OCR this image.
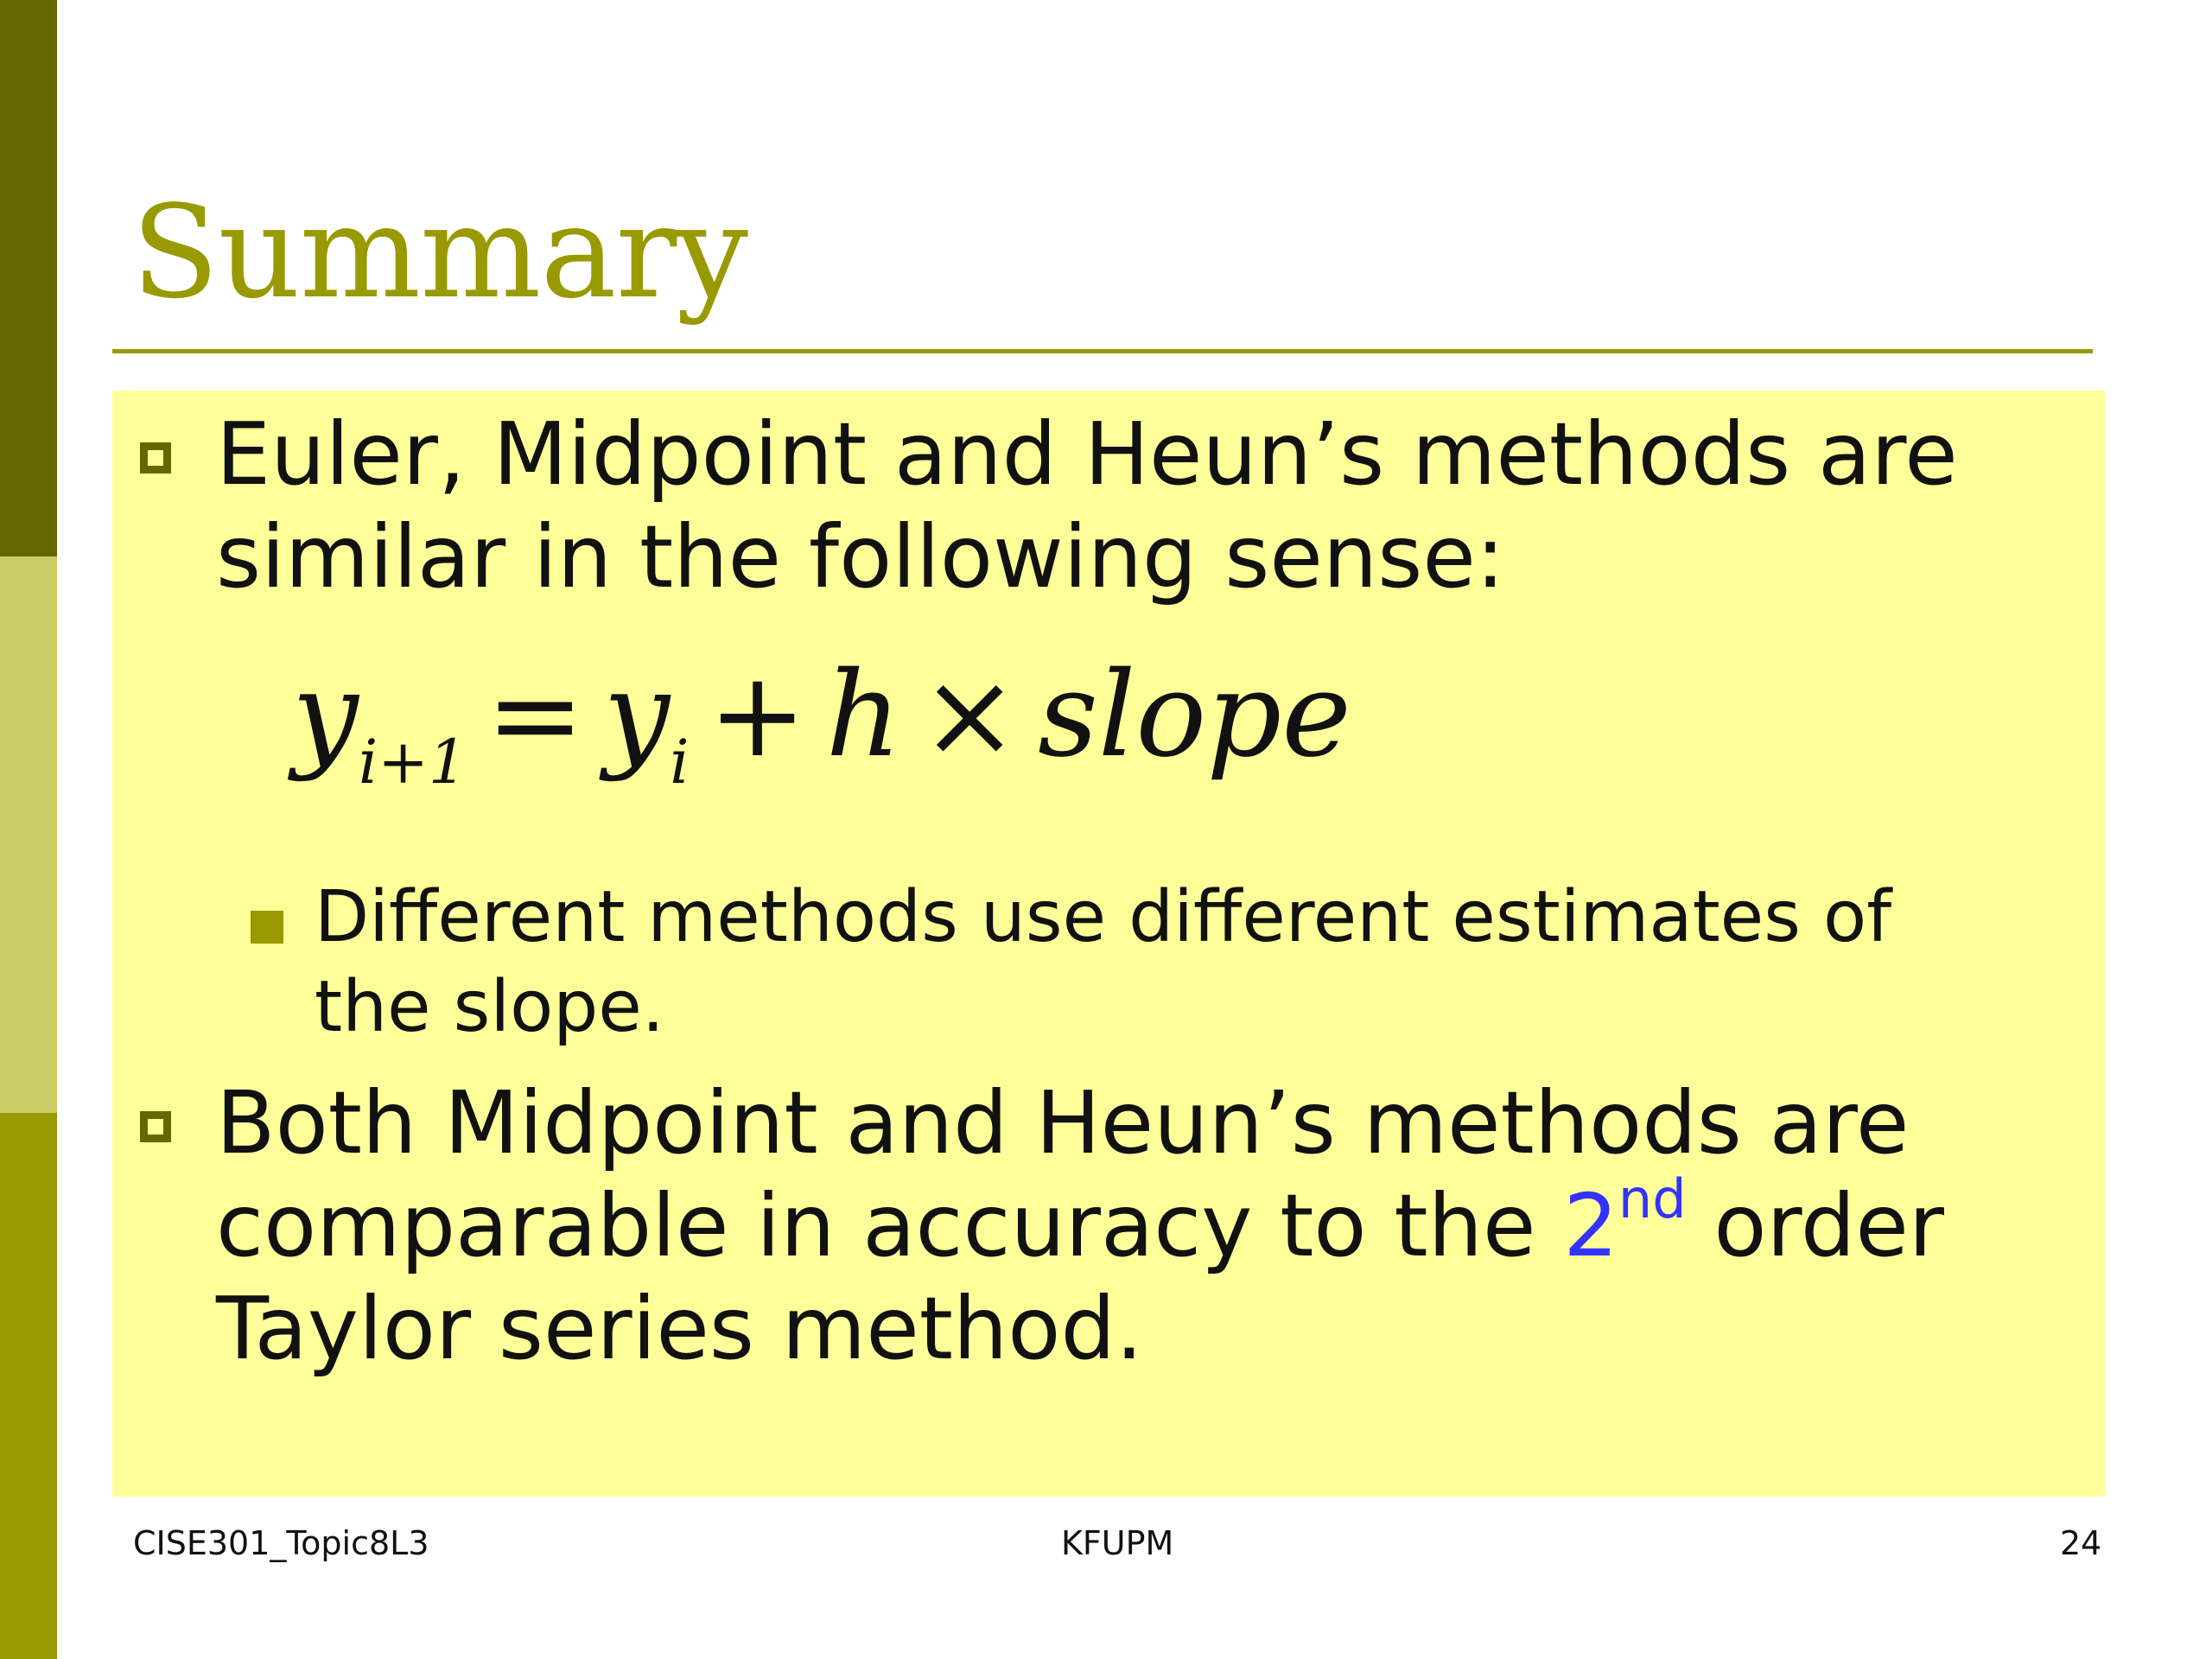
Summary
Euler, Midpoint and Heun’s methods are
similar in the following sense:
$y_{i+1} = y_i + h$ × slope
Different methods use different estimates of
the slope.
Both Midpoint and Heun’s methods are
comparable in accuracy to the 2nd order
Taylor series method.
CISE301_Topic8L3	KFUPM	24
